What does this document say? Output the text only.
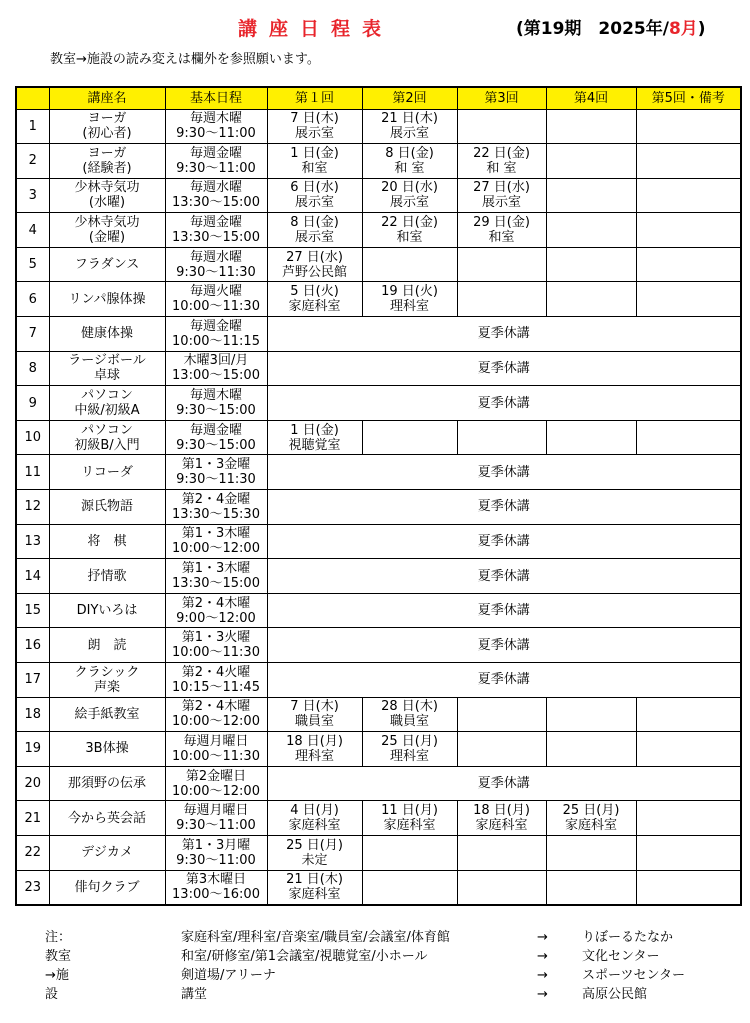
講座日程表	(第19期　2025年/8月)
教室→施設の読み変えは欄外を参照願います。
	講座名	基本日程	第１回	第2回	第3回	第4回	第5回・備考

1	ヨーガ
(初心者)	毎週木曜
9:30～11:00	7 日(木)
展示室	21 日(木)
展示室			

2	ヨーガ
(経験者)	毎週金曜
9:30～11:00	1 日(金)
和室	8 日(金)
和 室	22 日(金)
和 室		

3	少林寺気功
(水曜)	毎週水曜
13:30～15:00	6 日(水)
展示室	20 日(水)
展示室	27 日(水)
展示室		

4	少林寺気功
(金曜)	毎週金曜
13:30～15:00	8 日(金)
展示室	22 日(金)
和室	29 日(金)
和室		

5	フラダンス	毎週水曜
9:30～11:30	27 日(水)
芦野公民館				

6	リンパ腺体操	毎週火曜
10:00～11:30	5 日(火)
家庭科室	19 日(火)
理科室			

7	健康体操	毎週金曜
10:00～11:15	夏季休講				

8	ラージボール
卓球	木曜3回/月
13:00～15:00	夏季休講				

9	パソコン
中級/初級A	毎週木曜
9:30～15:00	夏季休講				

10	パソコン
初級B/入門	毎週金曜
9:30～15:00	1 日(金)
視聴覚室				

11	リコーダ	第1・3金曜
9:30～11:30	夏季休講				

12	源氏物語	第2・4金曜
13:30～15:30	夏季休講				

13	将　棋	第1・3木曜
10:00～12:00	夏季休講				

14	抒情歌	第1・3木曜
13:30～15:00	夏季休講				

15	DIYいろは	第2・4木曜
9:00～12:00	夏季休講				

16	朗　読	第1・3火曜
10:00～11:30	夏季休講				

17	クラシック
声楽	第2・4火曜
10:15～11:45	夏季休講				

18	絵手紙教室	第2・4木曜
10:00～12:00	7 日(木)
職員室	28 日(木)
職員室			

19	3B体操	毎週月曜日
10:00～11:30	18 日(月)
理科室	25 日(月)
理科室			

20	那須野の伝承	第2金曜日
10:00～12:00	夏季休講				

21	今から英会話	毎週月曜日
9:30～11:00	4 日(月)
家庭科室	11 日(月)
家庭科室	18 日(月)
家庭科室	25 日(月)
家庭科室	

22	デジカメ	第1・3月曜
9:30～11:00	25 日(月)
未定				

23	俳句クラブ	第3木曜日
13:00～16:00	21 日(木)
家庭科室				

注：教室→施設
家庭科室/理科室/音楽室/職員室/会議室/体育館	→	りぼーるたなか
和室/研修室/第1会議室/視聴覚室/小ホール	→	文化センター
剣道場/アリーナ	→	スポーツセンター
講堂	→	高原公民館
